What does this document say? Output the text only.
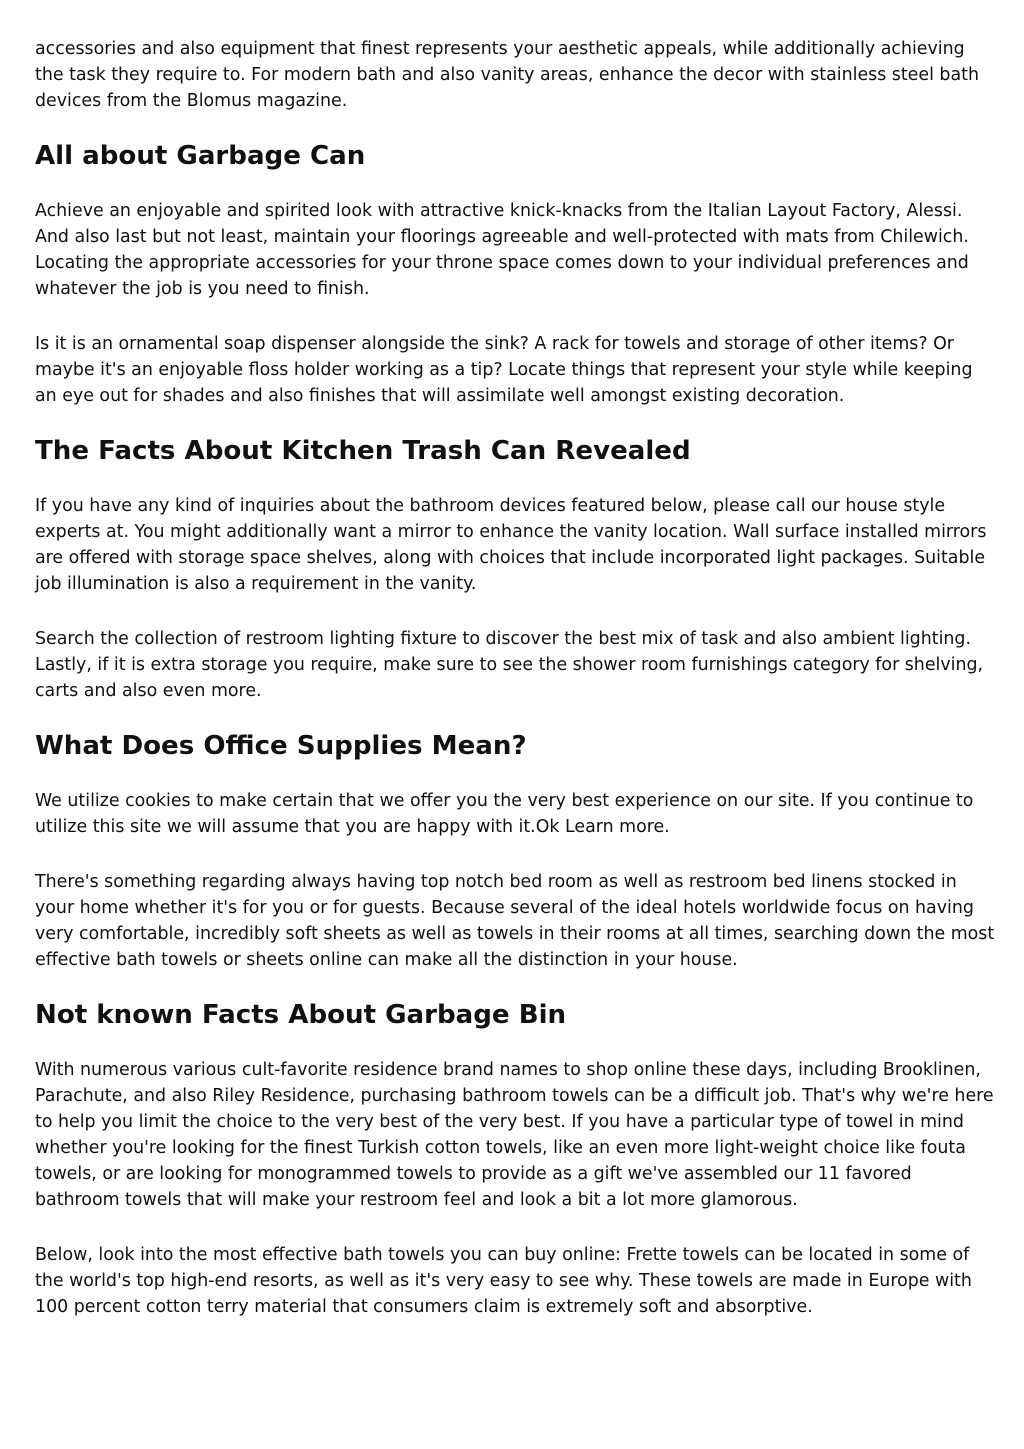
accessories and also equipment that finest represents your aesthetic appeals, while additionally achieving the task they require to. For modern bath and also vanity areas, enhance the decor with stainless steel bath devices from the Blomus magazine.

All about Garbage Can

Achieve an enjoyable and spirited look with attractive knick-knacks from the Italian Layout Factory, Alessi. And also last but not least, maintain your floorings agreeable and well-protected with mats from Chilewich. Locating the appropriate accessories for your throne space comes down to your individual preferences and whatever the job is you need to finish.

Is it is an ornamental soap dispenser alongside the sink? A rack for towels and storage of other items? Or maybe it's an enjoyable floss holder working as a tip? Locate things that represent your style while keeping an eye out for shades and also finishes that will assimilate well amongst existing decoration.

The Facts About Kitchen Trash Can Revealed

If you have any kind of inquiries about the bathroom devices featured below, please call our house style experts at. You might additionally want a mirror to enhance the vanity location. Wall surface installed mirrors are offered with storage space shelves, along with choices that include incorporated light packages. Suitable job illumination is also a requirement in the vanity.

Search the collection of restroom lighting fixture to discover the best mix of task and also ambient lighting. Lastly, if it is extra storage you require, make sure to see the shower room furnishings category for shelving, carts and also even more.

What Does Office Supplies Mean?

We utilize cookies to make certain that we offer you the very best experience on our site. If you continue to utilize this site we will assume that you are happy with it.Ok Learn more.

There's something regarding always having top notch bed room as well as restroom bed linens stocked in your home whether it's for you or for guests. Because several of the ideal hotels worldwide focus on having very comfortable, incredibly soft sheets as well as towels in their rooms at all times, searching down the most effective bath towels or sheets online can make all the distinction in your house.

Not known Facts About Garbage Bin

With numerous various cult-favorite residence brand names to shop online these days, including Brooklinen, Parachute, and also Riley Residence, purchasing bathroom towels can be a difficult job. That's why we're here to help you limit the choice to the very best of the very best. If you have a particular type of towel in mind whether you're looking for the finest Turkish cotton towels, like an even more light-weight choice like fouta towels, or are looking for monogrammed towels to provide as a gift we've assembled our 11 favored bathroom towels that will make your restroom feel and look a bit a lot more glamorous.

Below, look into the most effective bath towels you can buy online: Frette towels can be located in some of the world's top high-end resorts, as well as it's very easy to see why. These towels are made in Europe with 100 percent cotton terry material that consumers claim is extremely soft and absorptive.
